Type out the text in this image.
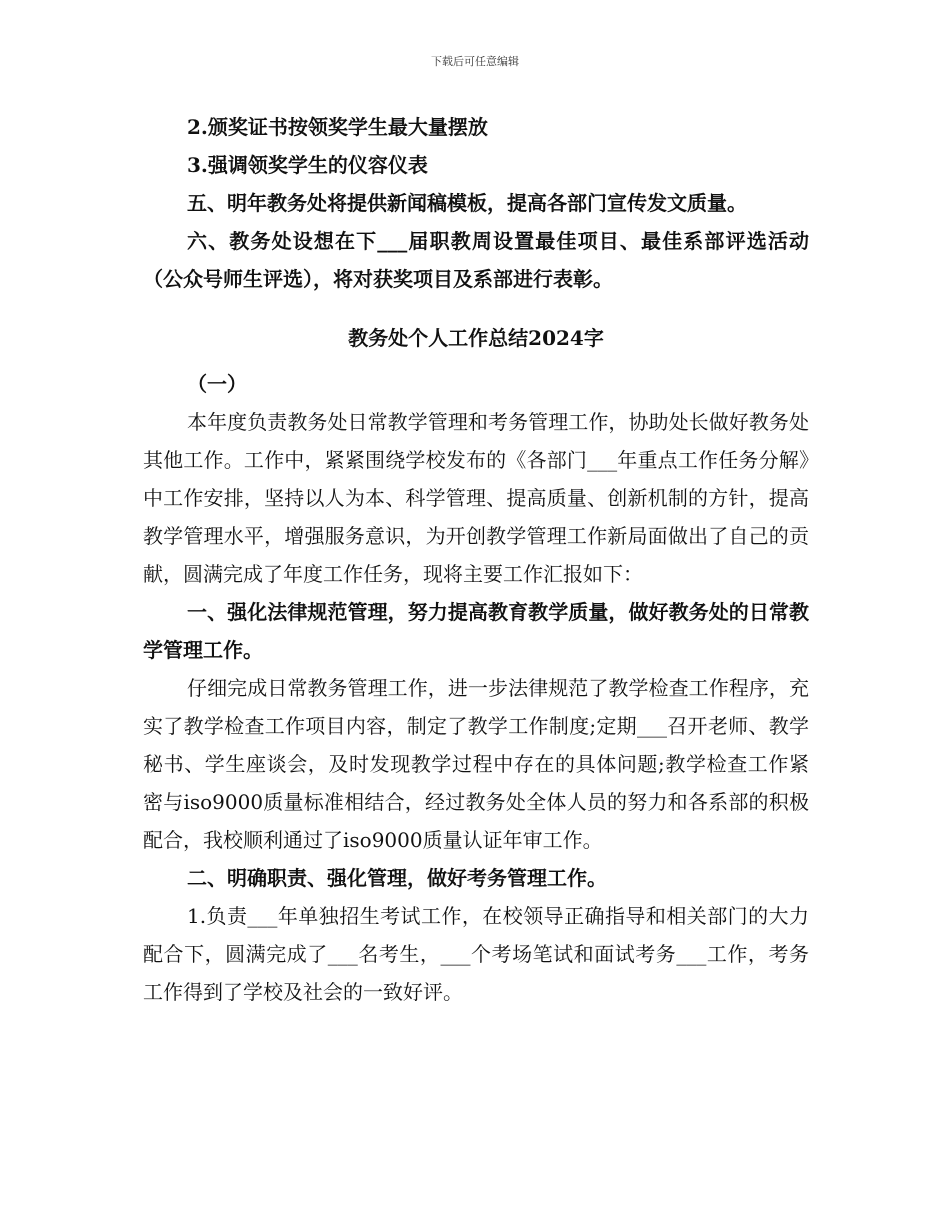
下载后可任意编辑

2.颁奖证书按领奖学生最大量摆放

3.强调领奖学生的仪容仪表

五、明年教务处将提供新闻稿模板，提高各部门宣传发文质量。

六、教务处设想在下___届职教周设置最佳项目、最佳系部评选活动（公众号师生评选），将对获奖项目及系部进行表彰。

教务处个人工作总结2024字

（一）

本年度负责教务处日常教学管理和考务管理工作，协助处长做好教务处其他工作。工作中，紧紧围绕学校发布的《各部门___年重点工作任务分解》中工作安排，坚持以人为本、科学管理、提高质量、创新机制的方针，提高教学管理水平，增强服务意识，为开创教学管理工作新局面做出了自己的贡献，圆满完成了年度工作任务，现将主要工作汇报如下：

一、强化法律规范管理，努力提高教育教学质量，做好教务处的日常教学管理工作。

仔细完成日常教务管理工作，进一步法律规范了教学检查工作程序，充实了教学检查工作项目内容，制定了教学工作制度;定期___召开老师、教学秘书、学生座谈会，及时发现教学过程中存在的具体问题;教学检查工作紧密与iso9000质量标准相结合，经过教务处全体人员的努力和各系部的积极配合，我校顺利通过了iso9000质量认证年审工作。

二、明确职责、强化管理，做好考务管理工作。

1.负责___年单独招生考试工作，在校领导正确指导和相关部门的大力配合下，圆满完成了___名考生，___个考场笔试和面试考务___工作，考务工作得到了学校及社会的一致好评。
